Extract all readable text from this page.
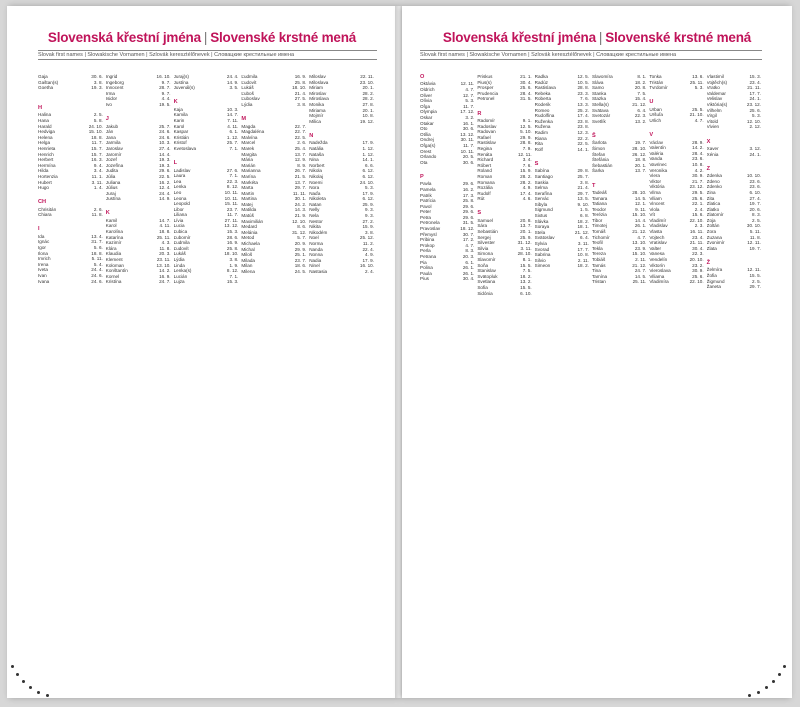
Slovenská křestní jména | Slovenské krstné mená
Slovak first names | Slowakische Vornamen | Szlovák keresztélőnevek | Словацкие крестильные имена
Gaja	30. 6.
Gaštan(s)	3. 8.
Goetha	19. 3.

H
Halina	2. 5.
Hana	5. 8.
Harald	24. 10.
Hedviga	15. 10.
Helena	18. 8.
Helga	11. 7.
Henrieta	15. 7.
Henrich	15. 7.
Herbert	16. 3.
Hermína	9. 4.
Hilda	3. 4.
Hortenzia	11. 1.
Hubert	3. 11.
Hugo	1. 4.

CH
Chrisitán	2. 6.
Chiara	11. 8.

I
Ida	13. 4.
Ignác	31. 7.
Igor	5. 6.
Ilona	18. 8.
Imrich	5. 11.
Irena	5. 4.
Iveta	24. 4.
Ivan	24. 6.
Ivana	24. 6.
Ingrid	16. 10.
Ingeborg	9. 7.
Innocent	28. 7.
Irma	9. 7.
Isidor	4. 4.
Ivo	19. 5.

J
Jakub	25. 7.
Ján	24. 6.
Jana	24. 6.
Jarmila	10. 3.
Jaroslav	27. 4.
Jaromír	14. 4.
Jozef	19. 3.
Jozefína	19. 3.
Judita	29. 6.
Júlia	22. 5.
Juliana	16. 2.
Július	12. 4.
Juraj	24. 4.
Justína	14. 9.

K
Kamil	14. 7.
Karol	4. 11.
Karolína	18. 8.
Katarína	25. 11.
Kazimír	4. 3.
Klára	11. 8.
Klaudia	20. 3.
Klement	23. 11.
Koloman	13. 10.
Konštantín	14. 2.
Kornel	16. 9.
Kristína	24. 7.
Juraj(s)	24. 4.
Justína	14. 9.
Juvenál(s)	3. 5.

K
Kaja	10. 3.
Kamila	14. 7.
Karin	7. 11.
Karol	4. 11.
Kaspar	6. 1.
Kristián	1. 12.
Kristof	25. 7.
Kvetoslava	7. 1.

L
Ladislav	27. 6.
Laura	7. 1.
Lea	22. 3.
Lenka	8. 12.
Leo	10. 11.
Leona	10. 11.
Leopold	15. 11.
Libor	23. 7.
Liliana	11. 7.
Lívia	27. 11.
Lucia	13. 12.
Ľubica	15. 3.
Ľubomír	28. 6.
Ľudmila	16. 9.
Ľudovít	25. 8.
Lukáš	18. 10.
Lýdia	3. 8.
Linda	1. 9.
Lenka(s)	8. 12.
Lucián	7. 1.
Lujza	15. 3.
Ľudmila	16. 9.
Ľudovít	25. 8.
Lukáš	18. 10.
Ľuboš	21. 4.
Ľuboslav	27. 5.
Lýdia	3. 8.

M
Magda	22. 7.
Magdaléna	22. 7.
Malvína	22. 5.
Marcel	2. 6.
Marek	25. 4.
Margita	13. 7.
Mária	12. 9.
Marián	8. 9.
Marianna	26. 7.
Marína	21. 5.
Markéta	13. 7.
Marta	29. 7.
Martin	11. 11.
Martina	30. 1.
Matej	24. 2.
Matilda	14. 3.
Matúš	21. 9.
Maximilián	12. 10.
Medard	8. 6.
Melánia	31. 12.
Metod	5. 7.
Michaela	20. 9.
Michal	29. 9.
Miloš	25. 1.
Milada	23. 7.
Milan	18. 6.
Milena	24. 5.
Miloslav	22. 11.
Miloslava	23. 10.
Miriam	20. 1.
Miroslav	28. 2.
Miroslava	28. 2.
Monika	27. 8.
Miriama	20. 1.
Mojmír	10. 8.
Milica	19. 12.

N
Nadežda	17. 9.
Natália	1. 12.
Nataša	1. 12.
Nina	14. 1.
Norbert	6. 6.
Nikola	6. 12.
Nikolaj	6. 12.
Noemi	24. 10.
Nora	5. 3.
Naďa	17. 9.
Nikoleta	6. 12.
Natan	25. 9.
Nelly	9. 3.
Nela	9. 3.
Nestor	27. 2.
Nikita	15. 9.
Nikodém	3. 8.
Noel	25. 12.
Norma	11. 2.
Nanda	22. 4.
Nonna	4. 9.
Nadia	17. 9.
Ninel	16. 10.
Nastasia	2. 4.
Slovenská křestní jména | Slovenské krstné mená
Slovak first names | Slowakische Vornamen | Szlovák keresztélőnevek | Словацкие крестильные имена
O
Oktávia	12. 11.
Oldrich	4. 7.
Oliver	12. 7.
Olívia	5. 3.
Oľga	11. 7.
Olympia	17. 12.
Oskar	3. 2.
Otakar	16. 1.
Oto	30. 6.
Otília	13. 12.
Ondrej	30. 11.
Oľga(s)	11. 7.
Orest	10. 11.
Orlando	20. 5.
Ota	30. 6.

P
Pavla	29. 6.
Pamela	16. 2.
Patrik	17. 3.
Patrícia	25. 8.
Pavol	29. 6.
Peter	29. 6.
Petra	29. 6.
Petronela	31. 5.
Pravoslav	18. 12.
Přemysl	30. 7.
Pribina	17. 2.
Prokop	4. 7.
Perla	8. 3.
Petrana	20. 3.
Pia	6. 1.
Polina	26. 1.
Paula	26. 1.
Pius	30. 4.
Priskus	21. 1.
Pius(s)	30. 4.
Prosper	25. 6.
Prudencia	28. 4.
Petronel	31. 5.

R
Radomír	9. 1.
Radoslav	12. 5.
Radovan	5. 10.
Rafael	29. 9.
Rastislav	28. 8.
Regina	7. 9.
Renáta	12. 11.
Richard	3. 4.
Róbert	7. 6.
Roland	15. 9.
Roman	28. 2.
Romana	28. 2.
Rozália	4. 9.
Rudolf	17. 4.
Rút	4. 6.

S
Samuel	20. 8.
Sára	13. 7.
Sebastián	20. 1.
Sergej	25. 9.
Silvester	31. 12.
Silvia	3. 11.
Simona	28. 10.
Slavomír	8. 1.
Soňa	15. 5.
Stanislav	7. 5.
Svätopluk	18. 2.
Svetlana	13. 2.
Sofia	15. 5.
Sidónia	6. 10.
Radka	12. 5.
Radúz	10. 5.
Rastislava	28. 8.
Rebeka	23. 3.
Roberta	7. 6.
Roderik	13. 3.
Romeo	25. 2.
Rudolfína	17. 4.
Ruženka	23. 8.
Ružena	23. 8.
Radim	12. 3.
Riana	22. 2.
Rita	22. 5.
Rolf	14. 1.

S
Sabína	29. 8.
Santiago	25. 7.
Saskia	3. 8.
Selma	21. 4.
Serafína	29. 7.
Servác	13. 5.
Sibyla	9. 10.
Sigmund	1. 5.
Sixtus	6. 8.
Slávka	18. 2.
Soraya	18. 1.
Stela	21. 12.
Svätoslav	6. 4.
Sylvia	3. 11.
Svorad	17. 7.
Sabrina	10. 8.
Silvio	2. 11.
Simeon	18. 2.
Slavomíra	8. 1.
Sláva	18. 2.
Samo	20. 8.
Stanka	7. 5.
Stazka	15. 4.
Stella(s)	21. 12.
Svätava	6. 4.
Svetozár	22. 3.
Svetlík	13. 2.

Š
Šarlota	19. 7.
Šimon	28. 10.
Štefan	26. 12.
Štefánia	18. 8.
Šebastián	20. 1.
Šarka	13. 7.

T
Tadeáš	28. 10.
Tamara	14. 5.
Tatiana	12. 1.
Teodor	9. 11.
Terézia	15. 10.
Tibor	14. 4.
Timotej	26. 1.
Tomáš	21. 12.
Tichomír	4. 7.
Teofil	13. 10.
Tekla	23. 9.
Tereza	15. 10.
Tobiáš	2. 11.
Tamás	21. 12.
Tina	24. 7.
Tamína	14. 5.
Tristan	25. 11.
Tonka	13. 6.
Tristán	25. 11.
Tvrdomír	5. 3.

U
Urban	25. 5.
Uršuľa	21. 10.
Urlich	4. 7.

V
Václav	28. 9.
Valentín	14. 2.
Valéria	28. 4.
Vanda	23. 6.
Vavrinec	10. 8.
Veronika	4. 2.
Viera	30. 9.
Viktor	21. 7.
Viktória	23. 12.
Vilma	29. 5.
Viliam	25. 6.
Vincent	22. 1.
Viola	2. 4.
Vít	15. 6.
Vladimír	22. 10.
Vladislav	2. 3.
Vlasta	16. 11.
Vojtech	23. 4.
Vratislav	21. 11.
Valter	30. 4.
Vanesa	22. 3.
Vendelín	20. 10.
Viktorín	23. 2.
Vieroslava	30. 9.
Viliama	25. 6.
Vladimíra	22. 10.
Vlastimil	15. 3.
Vojtěch(s)	23. 4.
Vratko	21. 11.
Valdemar	17. 7.
Velislav	24. 1.
Viktória(s)	23. 12.
Vilhelm	25. 6.
Virgil	5. 3.
Vitold	12. 10.
Vivien	2. 12.

X
Xaver	3. 12.
Xénia	24. 1.

Z
Zdenka	10. 10.
Zdeno	23. 6.
Zdenko	23. 6.
Zina	6. 10.
Zita	27. 4.
Zlatica	19. 7.
Zlatko	20. 6.
Zlatomír	8. 3.
Zoja	2. 5.
Zoltán	30. 10.
Zora	5. 11.
Zuzana	11. 8.
Zvonimír	12. 11.
Zlata	19. 7.

Ž
Želmíra	12. 11.
Žofia	15. 5.
Žigmund	2. 5.
Žaneta	29. 7.
